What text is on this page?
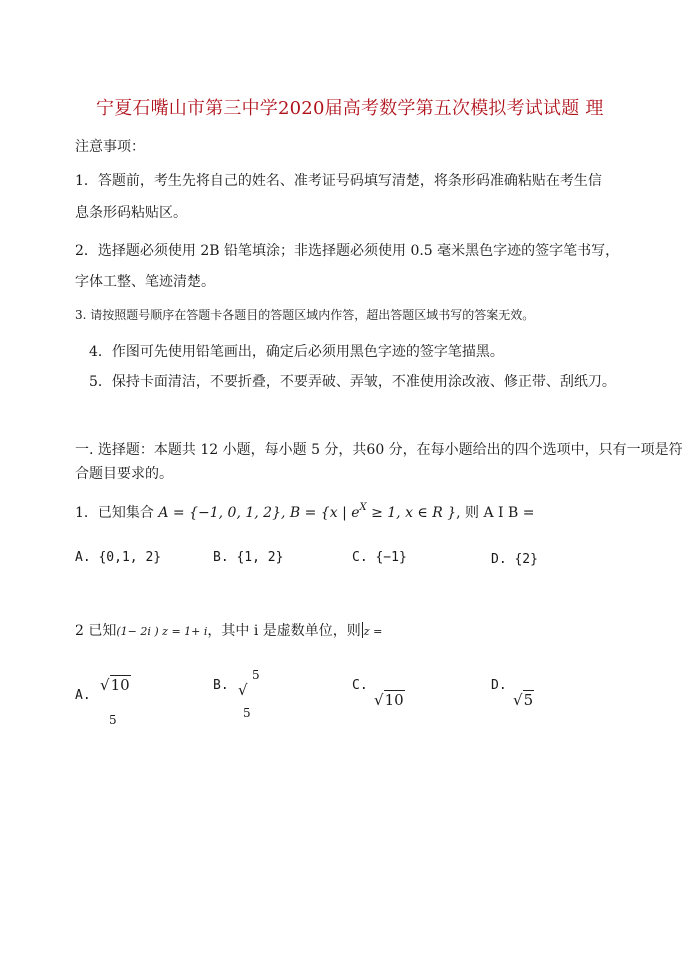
宁夏石嘴山市第三中学2020届高考数学第五次模拟考试试题 理
注意事项：
1．答题前，考生先将自己的姓名、准考证号码填写清楚，将条形码准确粘贴在考生信
息条形码粘贴区。
2．选择题必须使用 2B 铅笔填涂；非选择题必须使用 0.5 毫米黑色字迹的签字笔书写，
字体工整、笔迹清楚。
3. 请按照题号顺序在答题卡各题目的答题区域内作答，超出答题区域书写的答案无效。
4．作图可先使用铅笔画出，确定后必须用黑色字迹的签字笔描黑。
5．保持卡面清洁，不要折叠，不要弄破、弄皱，不准使用涂改液、修正带、刮纸刀。
一. 选择题：本题共 12 小题，每小题 5 分，共60 分，在每小题给出的四个选项中，只有一项是符
合题目要求的。
1．已知集合 A = {−1, 0, 1, 2}, B = {x | $e^X \ge 1$, x ∈ R }, 则 A I B =
A. {0,1, 2}	B. {1, 2}	C. {−1}	D. {2}
2 已知(1− 2i ) z = 1+ i，其中 i 是虚数单位，则 z =
A.
√10
5
B.
5
√
5
C.
√10
D.
√5
